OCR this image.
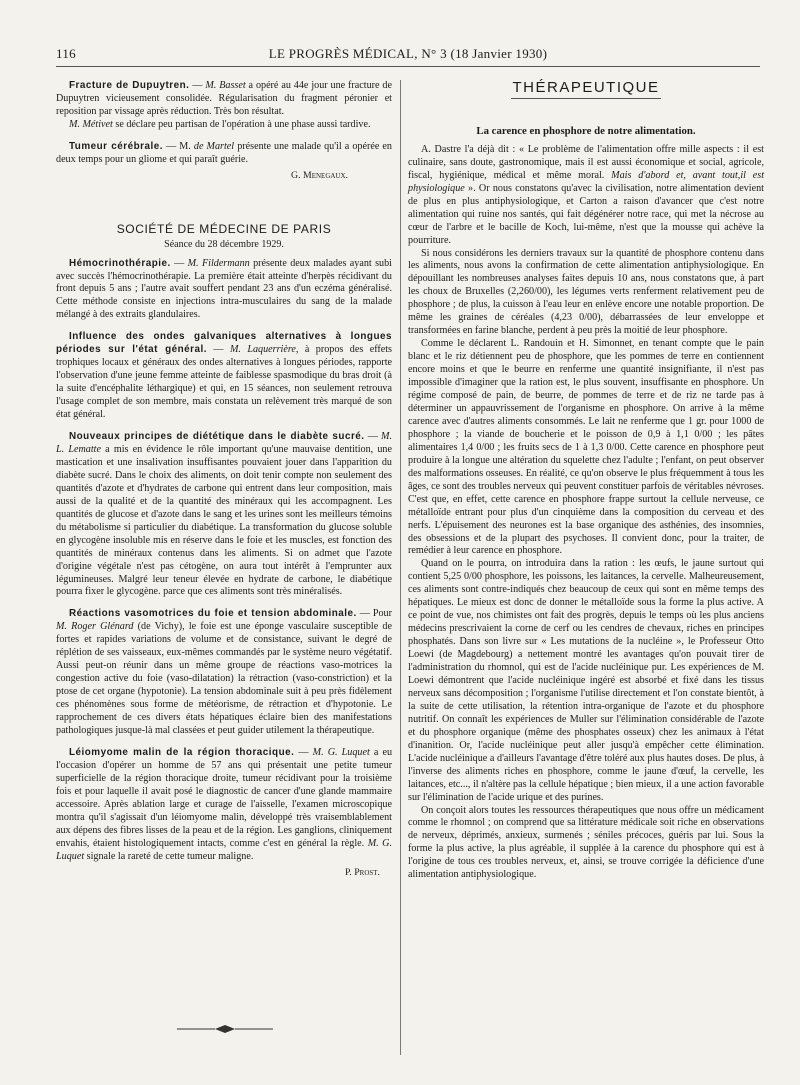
116	LE PROGRÈS MÉDICAL, N° 3 (18 Janvier 1930)

Fracture de Dupuytren. — M. Basset a opéré au 44e jour une fracture de Dupuytren vicieusement consolidée. Régularisation du fragment péronier et reposition par vissage après réduction. Très bon résultat.

M. Métivet se déclare peu partisan de l'opération à une phase aussi tardive.

Tumeur cérébrale. — M. de Martel présente une malade qu'il a opérée en deux temps pour un gliome et qui paraît guérie.

G. Menegaux.
SOCIÉTÉ DE MÉDECINE DE PARIS
Séance du 28 décembre 1929.

Hémocrinothérapie. — M. Fildermann présente deux malades ayant subi avec succès l'hémocrinothérapie. La première était atteinte d'herpès récidivant du front depuis 5 ans ; l'autre avait souffert pendant 23 ans d'un eczéma généralisé. Cette méthode consiste en injections intra-musculaires du sang de la malade mélangé à des extraits glandulaires.

Influence des ondes galvaniques alternatives à longues périodes sur l'état général. — M. Laquerrière, à propos des effets trophiques locaux et généraux des ondes alternatives à longues périodes, rapporte l'observation d'une jeune femme atteinte de faiblesse spasmodique du bras droit (à la suite d'encéphalite léthargique) et qui, en 15 séances, non seulement retrouva l'usage complet de son membre, mais constata un relèvement très marqué de son état général.

Nouveaux principes de diététique dans le diabète sucré. — M. L. Lematte a mis en évidence le rôle important qu'une mauvaise dentition, une mastication et une insalivation insuffisantes pouvaient jouer dans l'apparition du diabète sucré. Dans le choix des aliments, on doit tenir compte non seulement des quantités d'azote et d'hydrates de carbone qui entrent dans leur composition, mais aussi de la qualité et de la quantité des minéraux qui les accompagnent. Les quantités de glucose et d'azote dans le sang et les urines sont les meilleurs témoins du métabolisme si particulier du diabétique. La transformation du glucose soluble en glycogène insoluble mis en réserve dans le foie et les muscles, est fonction des quantités de minéraux contenus dans les aliments. Si on admet que l'azote d'origine végétale n'est pas cétogène, on aura tout intérêt à l'emprunter aux légumineuses. Malgré leur teneur élevée en hydrate de carbone, le diabétique pourra fixer le glycogène. parce que ces aliments sont très minéralisés.

Réactions vasomotrices du foie et tension abdominale. — Pour M. Roger Glénard (de Vichy), le foie est une éponge vasculaire susceptible de fortes et rapides variations de volume et de consistance, suivant le degré de réplétion de ses vaisseaux, eux-mêmes commandés par le système neuro végétatif. Aussi peut-on réunir dans un même groupe de réactions vaso-motrices la congestion active du foie (vaso-dilatation) la rétraction (vaso-constriction) et la ptose de cet organe (hypotonie). La tension abdominale suit à peu près fidèlement ces phénomènes sous forme de météorisme, de rétraction et d'hypotonie. Le rapprochement de ces divers états hépatiques éclaire bien des manifestations pathologiques jusque-là mal classées et peut guider utilement la thérapeutique.

Léiomyome malin de la région thoracique. — M. G. Luquet a eu l'occasion d'opérer un homme de 57 ans qui présentait une petite tumeur superficielle de la région thoracique droite, tumeur récidivant pour la troisième fois et pour laquelle il avait posé le diagnostic de cancer d'une glande mammaire accessoire. Après ablation large et curage de l'aisselle, l'examen microscopique montra qu'il s'agissait d'un léiomyome malin, développé très vraisemblablement aux dépens des fibres lisses de la peau et de la région. Les ganglions, cliniquement envahis, étaient histologiquement intacts, comme c'est en général la règle. M. G. Luquet signale la rareté de cette tumeur maligne.

P. Prost.
THÉRAPEUTIQUE
La carence en phosphore de notre alimentation.

A. Dastre l'a déjà dit : « Le problème de l'alimentation offre mille aspects : il est culinaire, sans doute, gastronomique, mais il est aussi économique et social, agricole, fiscal, hygiénique, médical et même moral. Mais d'abord et, avant tout,il est physiologique ». Or nous constatons qu'avec la civilisation, notre alimentation devient de plus en plus antiphysiologique, et Carton a raison d'avancer que c'est notre alimentation qui ruine nos santés, qui fait dégénérer notre race, qui met la nécrose au cœur de l'arbre et le bacille de Koch, lui-même, n'est que la mousse qui achève la pourriture.

Si nous considérons les derniers travaux sur la quantité de phosphore contenu dans les aliments, nous avons la confirmation de cette alimentation antiphysiologique. En dépouillant les nombreuses analyses faites depuis 10 ans, nous constatons que, à part les choux de Bruxelles (2,260/00), les légumes verts renferment relativement peu de phosphore ; de plus, la cuisson à l'eau leur en enlève encore une notable proportion. De même les graines de céréales (4,23 0/00), débarrassées de leur enveloppe et transformées en farine blanche, perdent à peu près la moitié de leur phosphore.

Comme le déclarent L. Randouin et H. Simonnet, en tenant compte que le pain blanc et le riz détiennent peu de phosphore, que les pommes de terre en contiennent encore moins et que le beurre en renferme une quantité insignifiante, il n'est pas impossible d'imaginer que la ration est, le plus souvent, insuffisante en phosphore. Un régime composé de pain, de beurre, de pommes de terre et de riz ne tarde pas à déterminer un appauvrissement de l'organisme en phosphore. On arrive à la même carence avec d'autres aliments consommés. Le lait ne renferme que 1 gr. pour 1000 de phosphore ; la viande de boucherie et le poisson de 0,9 à 1,1 0/00 ; les pâtes alimentaires 1,4 0/00 ; les fruits secs de 1 à 1,3 0/00. Cette carence en phosphore peut produire à la longue une altération du squelette chez l'adulte ; l'enfant, on peut observer des malformations osseuses. En réalité, ce qu'on observe le plus fréquemment à tous les âges, ce sont des troubles nerveux qui peuvent constituer parfois de véritables névroses. C'est que, en effet, cette carence en phosphore frappe surtout la cellule nerveuse, ce métalloïde entrant pour plus d'un cinquième dans la composition du cerveau et des nerfs. L'épuisement des neurones est la base organique des asthénies, des insomnies, des obsessions et de la plupart des psychoses. Il convient donc, pour la traiter, de remédier à leur carence en phosphore.

Quand on le pourra, on introduira dans la ration : les œufs, le jaune surtout qui contient 5,25 0/00 phosphore, les poissons, les laitances, la cervelle. Malheureusement, ces aliments sont contre-indiqués chez beaucoup de ceux qui sont en même temps des hépatiques. Le mieux est donc de donner le métalloïde sous la forme la plus active. A ce point de vue, nos chimistes ont fait des progrès, depuis le temps où les plus anciens médecins prescrivaient la corne de cerf ou les cendres de chevaux, riches en principes phosphatés. Dans son livre sur « Les mutations de la nucléine », le Professeur Otto Loewi (de Magdebourg) a nettement montré les avantages qu'on pouvait tirer de l'administration du rhomnol, qui est de l'acide nucléinique pur. Les expériences de M. Loewi démontrent que l'acide nucléinique ingéré est absorbé et fixé dans les tissus nerveux sans décomposition ; l'organisme l'utilise directement et l'on constate bientôt, à la suite de cette utilisation, la rétention intra-organique de l'azote et du phosphore nutritif. On connaît les expériences de Muller sur l'élimination considérable de l'azote et du phosphore organique (même des phosphates osseux) chez les animaux à l'état d'inanition. Or, l'acide nucléinique peut aller jusqu'à empêcher cette élimination. L'acide nucléinique a d'ailleurs l'avantage d'être toléré aux plus hautes doses. De plus, à l'inverse des aliments riches en phosphore, comme le jaune d'œuf, la cervelle, les laitances, etc..., il n'altère pas la cellule hépatique ; bien mieux, il a une action favorable sur l'élimination de l'acide urique et des purines.

On conçoit alors toutes les ressources thérapeutiques que nous offre un médicament comme le rhomnol ; on comprend que sa littérature médicale soit riche en observations de nerveux, déprimés, anxieux, surmenés ; séniles précoces, guéris par lui. Sous la forme la plus active, la plus agréable, il supplée à la carence du phosphore qui est à l'origine de tous ces troubles nerveux, et, ainsi, se trouve corrigée la déficience d'une alimentation antiphysiologique.
